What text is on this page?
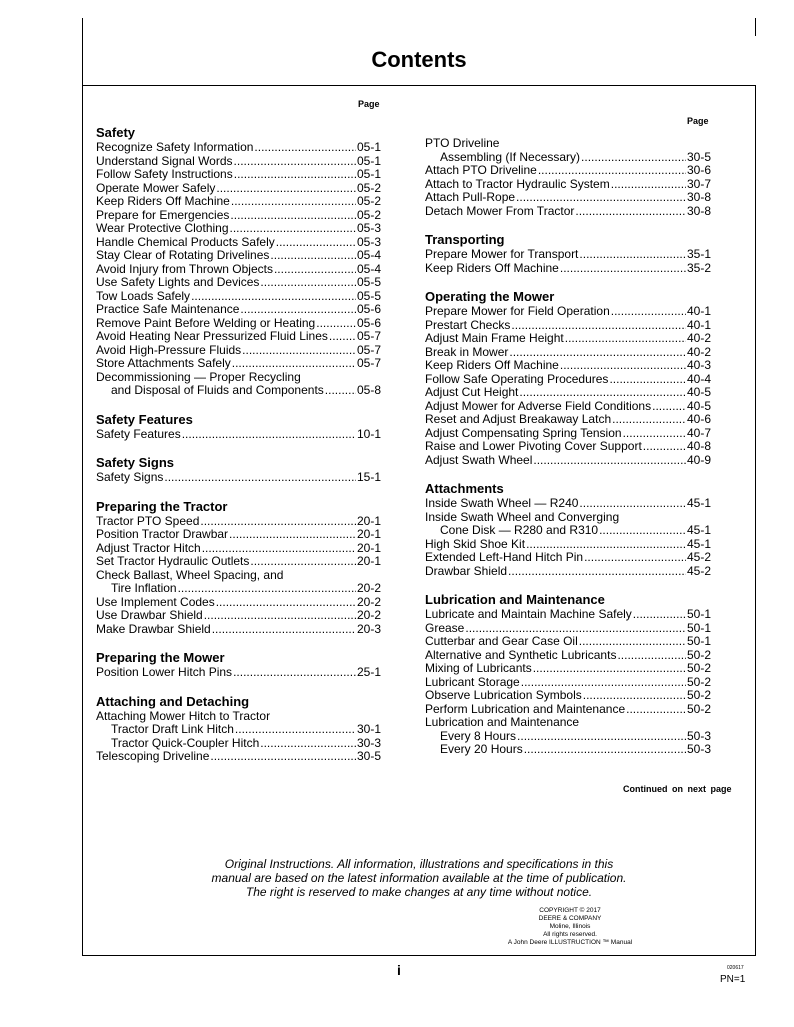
Contents
Page
Page
Safety
Recognize Safety Information .....	05-1
Understand Signal Words .....	05-1
Follow Safety Instructions .....	05-1
Operate Mower Safely .....	05-2
Keep Riders Off Machine .....	05-2
Prepare for Emergencies .....	05-2
Wear Protective Clothing .....	05-3
Handle Chemical Products Safely .....	05-3
Stay Clear of Rotating Drivelines .....	05-4
Avoid Injury from Thrown Objects .....	05-4
Use Safety Lights and Devices .....	05-5
Tow Loads Safely .....	05-5
Practice Safe Maintenance .....	05-6
Remove Paint Before Welding or Heating .....	05-6
Avoid Heating Near Pressurized Fluid Lines ..... 05-7
Avoid High-Pressure Fluids .....	05-7
Store Attachments Safely .....	05-7
Decommissioning — Proper Recycling
and Disposal of Fluids and Components .....	05-8
Safety Features
Safety Features .....	10-1
Safety Signs
Safety Signs .....	15-1
Preparing the Tractor
Tractor PTO Speed .....	20-1
Position Tractor Drawbar .....	20-1
Adjust Tractor Hitch .....	20-1
Set Tractor Hydraulic Outlets .....	20-1
Check Ballast, Wheel Spacing, and
Tire Inflation .....	20-2
Use Implement Codes .....	20-2
Use Drawbar Shield .....	20-2
Make Drawbar Shield .....	20-3
Preparing the Mower
Position Lower Hitch Pins .....	25-1
Attaching and Detaching
Attaching Mower Hitch to Tractor
Tractor Draft Link Hitch .....	30-1
Tractor Quick-Coupler Hitch .....	30-3
Telescoping Driveline .....	30-5
PTO Driveline
Assembling (If Necessary) .....	30-5
Attach PTO Driveline .....	30-6
Attach to Tractor Hydraulic System .....	30-7
Attach Pull-Rope .....	30-8
Detach Mower From Tractor .....	30-8
Transporting
Prepare Mower for Transport .....	35-1
Keep Riders Off Machine .....	35-2
Operating the Mower
Prepare Mower for Field Operation .....	40-1
Prestart Checks .....	40-1
Adjust Main Frame Height .....	40-2
Break in Mower .....	40-2
Keep Riders Off Machine .....	40-3
Follow Safe Operating Procedures .....	40-4
Adjust Cut Height .....	40-5
Adjust Mower for Adverse Field Conditions .....	40-5
Reset and Adjust Breakaway Latch .....	40-6
Adjust Compensating Spring Tension .....	40-7
Raise and Lower Pivoting Cover Support .....	40-8
Adjust Swath Wheel .....	40-9
Attachments
Inside Swath Wheel — R240 .....	45-1
Inside Swath Wheel and Converging
Cone Disk — R280 and R310 .....	45-1
High Skid Shoe Kit .....	45-1
Extended Left-Hand Hitch Pin .....	45-2
Drawbar Shield .....	45-2
Lubrication and Maintenance
Lubricate and Maintain Machine Safely .....	50-1
Grease .....	50-1
Cutterbar and Gear Case Oil .....	50-1
Alternative and Synthetic Lubricants .....	50-2
Mixing of Lubricants .....	50-2
Lubricant Storage .....	50-2
Observe Lubrication Symbols .....	50-2
Perform Lubrication and Maintenance .....	50-2
Lubrication and Maintenance
Every 8 Hours .....	50-3
Every 20 Hours .....	50-3
Continued on next page
Original Instructions. All information, illustrations and specifications in this
manual are based on the latest information available at the time of publication.
The right is reserved to make changes at any time without notice.
COPYRIGHT © 2017
DEERE & COMPANY
Moline, Illinois
All rights reserved.
A John Deere ILLUSTRUCTION ™ Manual
020617
i
PN=1
